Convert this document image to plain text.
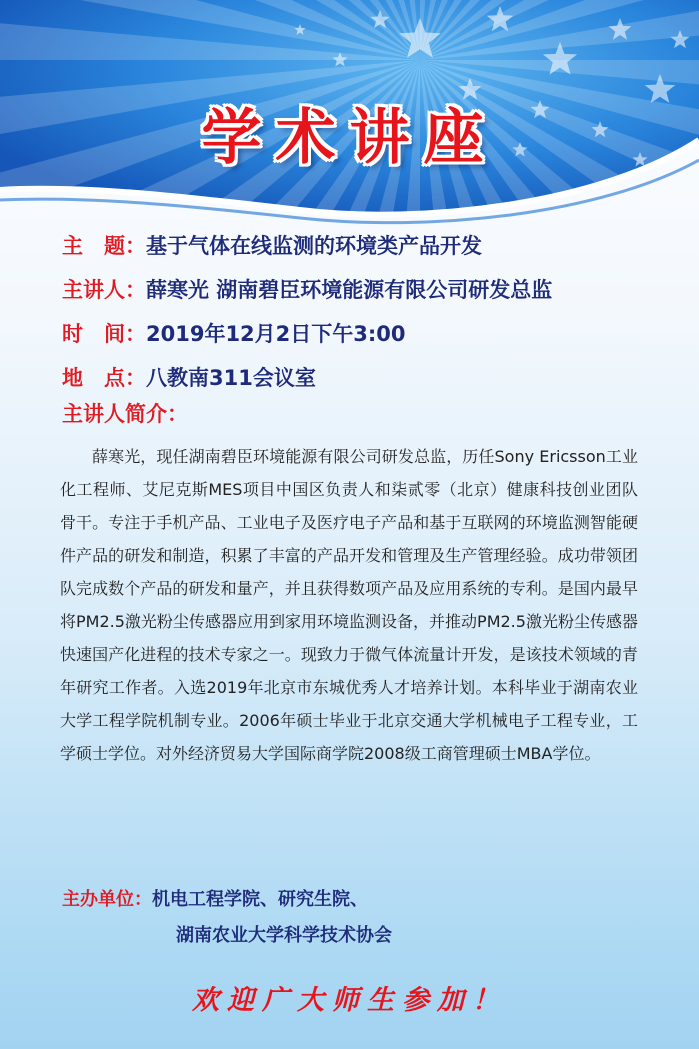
学术讲座
主　题：基于气体在线监测的环境类产品开发
主讲人：薛寒光 湖南碧臣环境能源有限公司研发总监
时　间：2019年12月2日下午3:00
地　点：八教南311会议室
主讲人简介：

薛寒光，现任湖南碧臣环境能源有限公司研发总监，历任Sony Ericsson工业化工程师、艾尼克斯MES项目中国区负责人和柒贰零（北京）健康科技创业团队骨干。专注于手机产品、工业电子及医疗电子产品和基于互联网的环境监测智能硬件产品的研发和制造，积累了丰富的产品开发和管理及生产管理经验。成功带领团队完成数个产品的研发和量产，并且获得数项产品及应用系统的专利。是国内最早将PM2.5激光粉尘传感器应用到家用环境监测设备，并推动PM2.5激光粉尘传感器快速国产化进程的技术专家之一。现致力于微气体流量计开发，是该技术领域的青年研究工作者。入选2019年北京市东城优秀人才培养计划。本科毕业于湖南农业大学工程学院机制专业。2006年硕士毕业于北京交通大学机械电子工程专业，工学硕士学位。对外经济贸易大学国际商学院2008级工商管理硕士MBA学位。

主办单位：机电工程学院、研究生院、
湖南农业大学科学技术协会
欢迎广大师生参加！
